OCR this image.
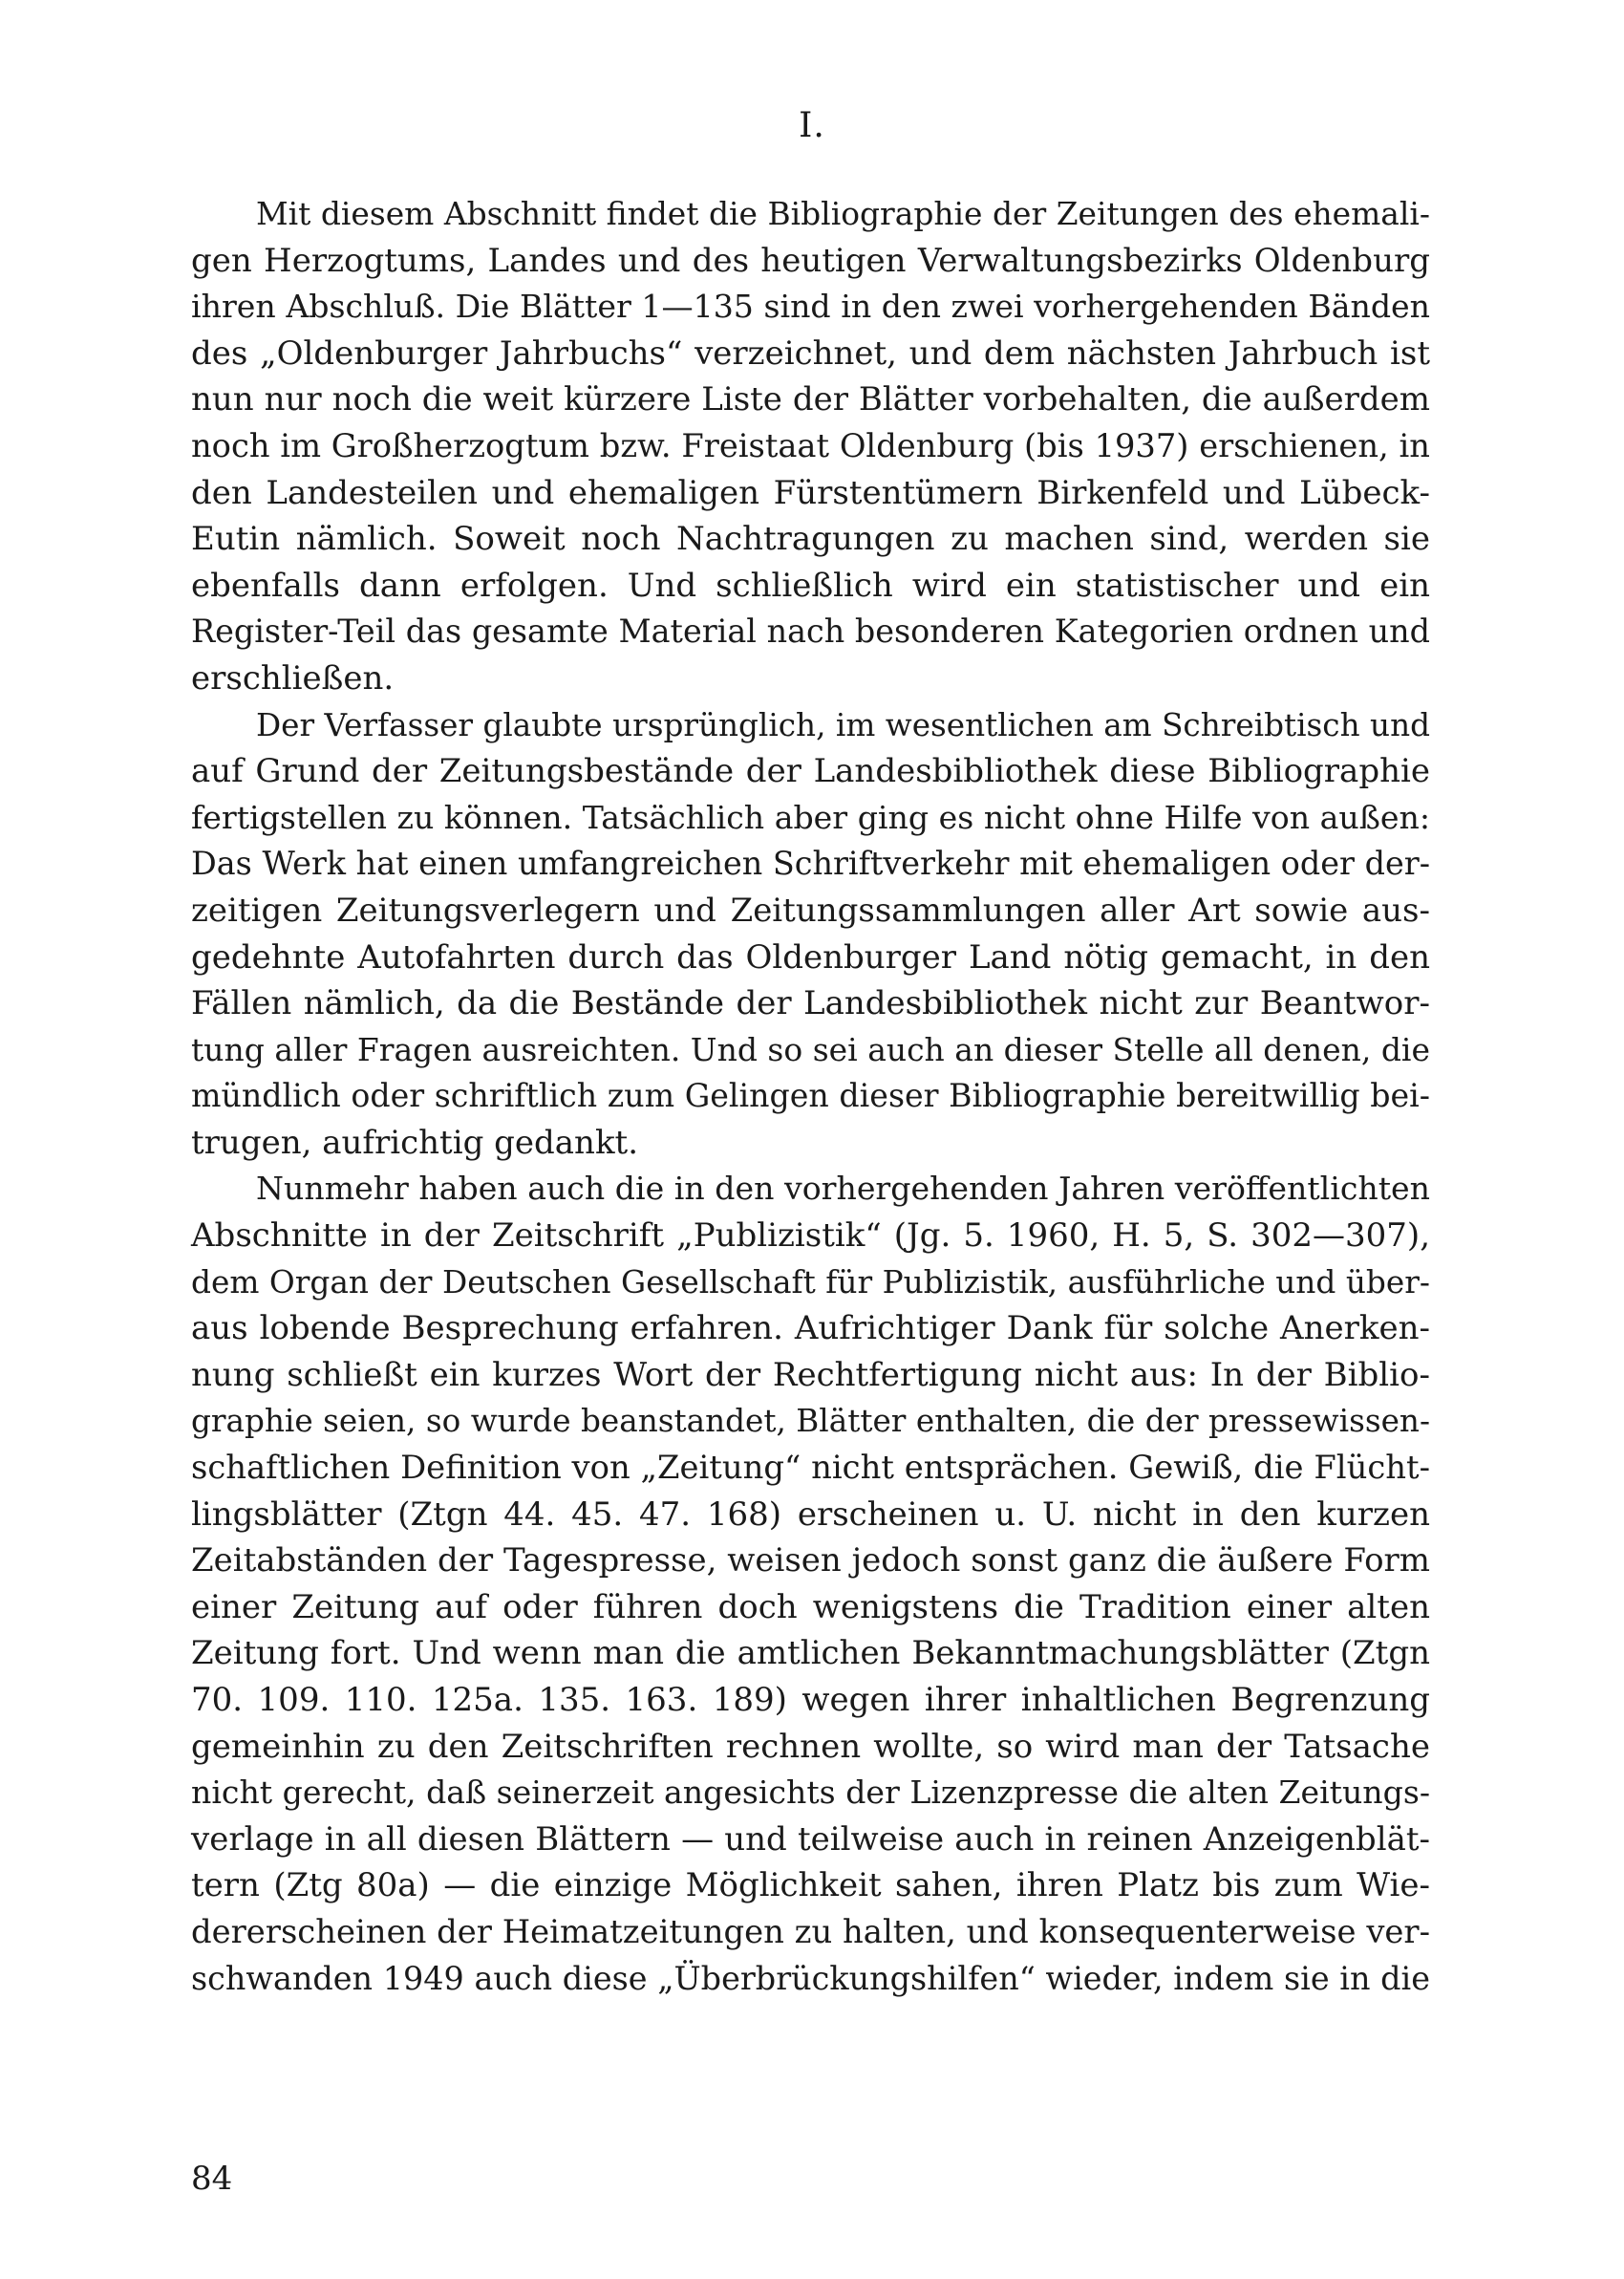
I.
Mit diesem Abschnitt findet die Bibliographie der Zeitungen des ehemali-
gen Herzogtums, Landes und des heutigen Verwaltungsbezirks Oldenburg
ihren Abschluß. Die Blätter 1—135 sind in den zwei vorhergehenden Bänden
des „Oldenburger Jahrbuchs“ verzeichnet, und dem nächsten Jahrbuch ist
nun nur noch die weit kürzere Liste der Blätter vorbehalten, die außerdem
noch im Großherzogtum bzw. Freistaat Oldenburg (bis 1937) erschienen, in
den Landesteilen und ehemaligen Fürstentümern Birkenfeld und Lübeck-
Eutin nämlich. Soweit noch Nachtragungen zu machen sind, werden sie
ebenfalls dann erfolgen. Und schließlich wird ein statistischer und ein
Register-Teil das gesamte Material nach besonderen Kategorien ordnen und
erschließen.
Der Verfasser glaubte ursprünglich, im wesentlichen am Schreibtisch und
auf Grund der Zeitungsbestände der Landesbibliothek diese Bibliographie
fertigstellen zu können. Tatsächlich aber ging es nicht ohne Hilfe von außen:
Das Werk hat einen umfangreichen Schriftverkehr mit ehemaligen oder der-
zeitigen Zeitungsverlegern und Zeitungssammlungen aller Art sowie aus-
gedehnte Autofahrten durch das Oldenburger Land nötig gemacht, in den
Fällen nämlich, da die Bestände der Landesbibliothek nicht zur Beantwor-
tung aller Fragen ausreichten. Und so sei auch an dieser Stelle all denen, die
mündlich oder schriftlich zum Gelingen dieser Bibliographie bereitwillig bei-
trugen, aufrichtig gedankt.
Nunmehr haben auch die in den vorhergehenden Jahren veröffentlichten
Abschnitte in der Zeitschrift „Publizistik“ (Jg. 5. 1960, H. 5, S. 302—307),
dem Organ der Deutschen Gesellschaft für Publizistik, ausführliche und über-
aus lobende Besprechung erfahren. Aufrichtiger Dank für solche Anerken-
nung schließt ein kurzes Wort der Rechtfertigung nicht aus: In der Biblio-
graphie seien, so wurde beanstandet, Blätter enthalten, die der pressewissen-
schaftlichen Definition von „Zeitung“ nicht entsprächen. Gewiß, die Flücht-
lingsblätter (Ztgn 44. 45. 47. 168) erscheinen u. U. nicht in den kurzen
Zeitabständen der Tagespresse, weisen jedoch sonst ganz die äußere Form
einer Zeitung auf oder führen doch wenigstens die Tradition einer alten
Zeitung fort. Und wenn man die amtlichen Bekanntmachungsblätter (Ztgn
70. 109. 110. 125a. 135. 163. 189) wegen ihrer inhaltlichen Begrenzung
gemeinhin zu den Zeitschriften rechnen wollte, so wird man der Tatsache
nicht gerecht, daß seinerzeit angesichts der Lizenzpresse die alten Zeitungs-
verlage in all diesen Blättern — und teilweise auch in reinen Anzeigenblät-
tern (Ztg 80a) — die einzige Möglichkeit sahen, ihren Platz bis zum Wie-
dererscheinen der Heimatzeitungen zu halten, und konsequenterweise ver-
schwanden 1949 auch diese „Überbrückungshilfen“ wieder, indem sie in die
84
